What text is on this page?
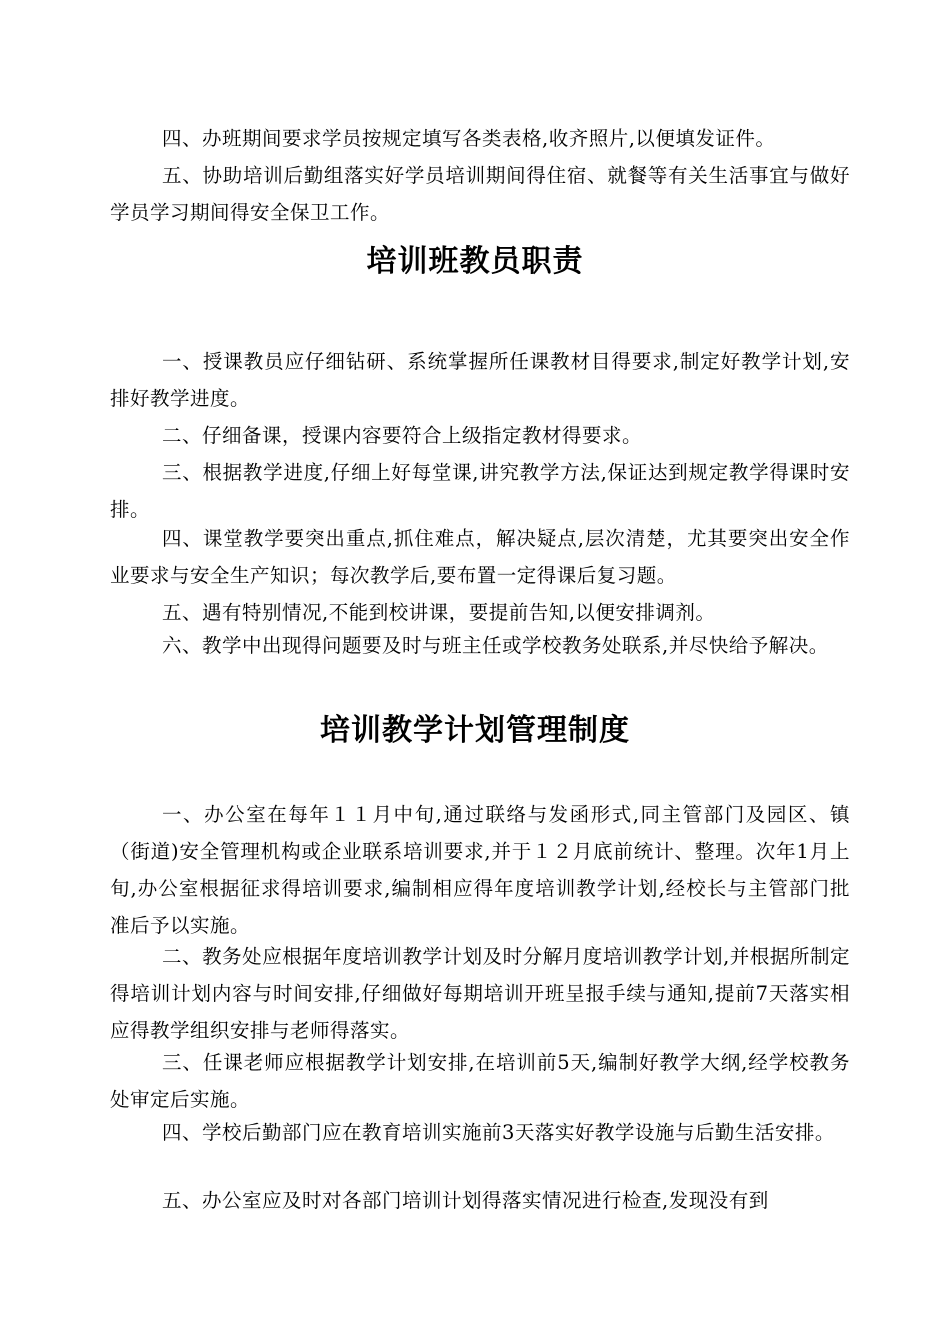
四、办班期间要求学员按规定填写各类表格,收齐照片,以便填发证件。

五、协助培训后勤组落实好学员培训期间得住宿、就餐等有关生活事宜与做好学员学习期间得安全保卫工作。

培训班教员职责

一、授课教员应仔细钻研、系统掌握所任课教材目得要求,制定好教学计划,安排好教学进度。

二、仔细备课，授课内容要符合上级指定教材得要求。

三、根据教学进度,仔细上好每堂课,讲究教学方法,保证达到规定教学得课时安排。

四、课堂教学要突出重点,抓住难点，解决疑点,层次清楚，尤其要突出安全作业要求与安全生产知识；每次教学后,要布置一定得课后复习题。

五、遇有特别情况,不能到校讲课，要提前告知,以便安排调剂。

六、教学中出现得问题要及时与班主任或学校教务处联系,并尽快给予解决。

培训教学计划管理制度

一、办公室在每年１１月中旬,通过联络与发函形式,同主管部门及园区、镇（街道)安全管理机构或企业联系培训要求,并于１２月底前统计、整理。次年1月上旬,办公室根据征求得培训要求,编制相应得年度培训教学计划,经校长与主管部门批准后予以实施。

二、教务处应根据年度培训教学计划及时分解月度培训教学计划,并根据所制定得培训计划内容与时间安排,仔细做好每期培训开班呈报手续与通知,提前7天落实相应得教学组织安排与老师得落实。

三、任课老师应根据教学计划安排,在培训前5天,编制好教学大纲,经学校教务处审定后实施。

四、学校后勤部门应在教育培训实施前3天落实好教学设施与后勤生活安排。

五、办公室应及时对各部门培训计划得落实情况进行检查,发现没有到
